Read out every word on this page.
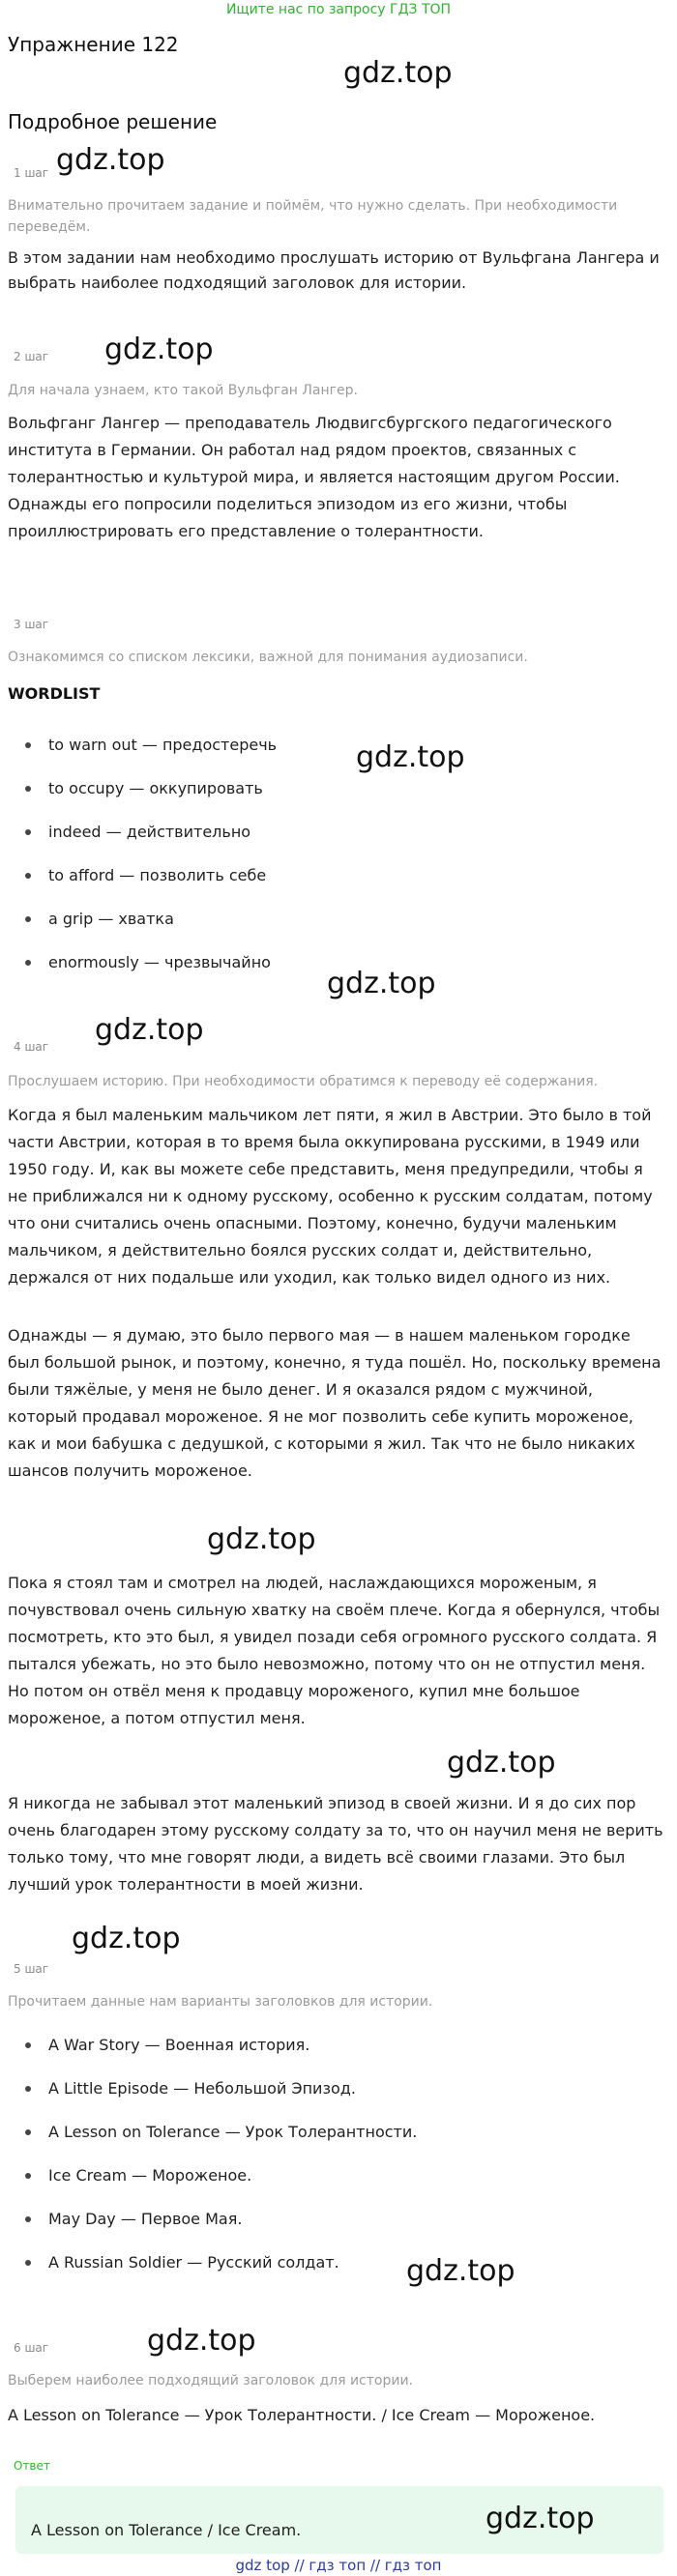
Ищите нас по запросу ГДЗ ТОП
Упражнение 122
gdz.top
Подробное решение
1 шаг gdz.top
Внимательно прочитаем задание и поймём, что нужно сделать. При необходимости переведём.
В этом задании нам необходимо прослушать историю от Вульфгана Лангера и выбрать наиболее подходящий заголовок для истории.
2 шаг gdz.top
Для начала узнаем, кто такой Вульфган Лангер.
Вольфганг Лангер — преподаватель Людвигсбургского педагогического института в Германии. Он работал над рядом проектов, связанных с толерантностью и культурой мира, и является настоящим другом России. Однажды его попросили поделиться эпизодом из его жизни, чтобы проиллюстрировать его представление о толерантности.
3 шаг
Ознакомимся со списком лексики, важной для понимания аудиозаписи.
WORDLIST
to warn out — предостеречь
to occupy — оккупировать
indeed — действительно
to afford — позволить себе
a grip — хватка
enormously — чрезвычайно
gdz.top
gdz.top
4 шаг gdz.top
Прослушаем историю. При необходимости обратимся к переводу её содержания.
Когда я был маленьким мальчиком лет пяти, я жил в Австрии. Это было в той части Австрии, которая в то время была оккупирована русскими, в 1949 или 1950 году. И, как вы можете себе представить, меня предупредили, чтобы я не приближался ни к одному русскому, особенно к русским солдатам, потому что они считались очень опасными. Поэтому, конечно, будучи маленьким мальчиком, я действительно боялся русских солдат и, действительно, держался от них подальше или уходил, как только видел одного из них.
Однажды — я думаю, это было первого мая — в нашем маленьком городке был большой рынок, и поэтому, конечно, я туда пошёл. Но, поскольку времена были тяжёлые, у меня не было денег. И я оказался рядом с мужчиной, который продавал мороженое. Я не мог позволить себе купить мороженое, как и мои бабушка с дедушкой, с которыми я жил. Так что не было никаких шансов получить мороженое.
gdz.top
Пока я стоял там и смотрел на людей, наслаждающихся мороженым, я почувствовал очень сильную хватку на своём плече. Когда я обернулся, чтобы посмотреть, кто это был, я увидел позади себя огромного русского солдата. Я пытался убежать, но это было невозможно, потому что он не отпустил меня. Но потом он отвёл меня к продавцу мороженого, купил мне большое мороженое, а потом отпустил меня.
gdz.top
Я никогда не забывал этот маленький эпизод в своей жизни. И я до сих пор очень благодарен этому русскому солдату за то, что он научил меня не верить только тому, что мне говорят люди, а видеть всё своими глазами. Это был лучший урок толерантности в моей жизни.
5 шаг
gdz.top
Прочитаем данные нам варианты заголовков для истории.
A War Story — Военная история.
A Little Episode — Небольшой Эпизод.
A Lesson on Tolerance — Урок Толерантности.
Ice Cream — Мороженое.
May Day — Первое Мая.
A Russian Soldier — Русский солдат.	gdz.top
6 шаг	gdz.top
Выберем наиболее подходящий заголовок для истории.
A Lesson on Tolerance — Урок Толерантности. / Ice Cream — Мороженое.
Ответ
A Lesson on Tolerance / Ice Cream.	gdz.top
gdz top // гдз топ // гдз топ
